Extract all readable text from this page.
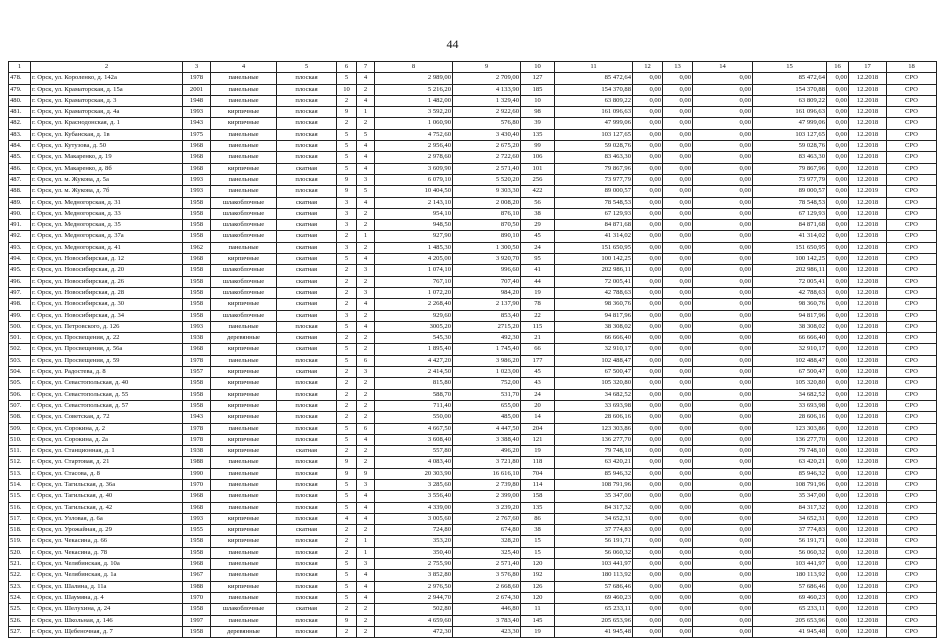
44
1	2	3	4	5	6	7	8	9	10	11	12	13	14	15	16	17	18
478.	г. Орск, ул. Короленко, д. 142а	1978	панельные	плоская	5	4	2 989,00	2 709,00	127	85 472,64	0,00	0,00	0,00	85 472,64	0,00	12.2018	СРО
479.	г. Орск, ул. Краматорская, д. 15а	2001	панельные	плоская	10	2	5 216,20	4 133,90	185	154 370,88	0,00	0,00	0,00	154 370,88	0,00	12.2018	СРО
480.	г. Орск, ул. Краматорская, д. 3	1948	панельные	плоская	2	4	1 482,00	1 329,40	10	63 809,22	0,00	0,00	0,00	63 809,22	0,00	12.2018	СРО
481.	г. Орск, ул. Краматорская, д. 4а	1993	кирпичные	плоская	9	1	3 592,20	2 922,60	98	161 096,63	0,00	0,00	0,00	161 096,63	0,00	12.2018	СРО
482.	г. Орск, ул. Краснодонская, д. 1	1943	кирпичные	плоская	2	2	1 060,90	576,80	39	47 999,06	0,00	0,00	0,00	47 999,06	0,00	12.2018	СРО
483.	г. Орск, ул. Кубанская, д. 1в	1975	панельные	плоская	5	5	4 752,60	3 430,40	135	103 127,65	0,00	0,00	0,00	103 127,65	0,00	12.2018	СРО
484.	г. Орск, ул. Кутузова, д. 50	1968	панельные	плоская	5	4	2 956,40	2 675,20	99	59 028,76	0,00	0,00	0,00	59 028,76	0,00	12.2018	СРО
485.	г. Орск, ул. Макаренко, д. 19	1968	панельные	плоская	5	4	2 978,60	2 722,60	106	83 463,30	0,00	0,00	0,00	83 463,30	0,00	12.2018	СРО
486.	г. Орск, ул. Макаренко, д. 8б	1968	кирпичные	скатная	5	4	3 609,90	2 571,40	101	79 867,96	0,00	0,00	0,00	79 867,96	0,00	12.2018	СРО
487.	г. Орск, ул. м. Жукова, д. 5а	1993	панельные	плоская	9	3	6 079,10	5 520,20	256	73 977,79	0,00	0,00	0,00	73 977,79	0,00	12.2018	СРО
488.	г. Орск, ул. м. Жукова, д. 7б	1993	панельные	плоская	9	5	10 404,50	9 303,30	422	89 000,57	0,00	0,00	0,00	89 000,57	0,00	12.2019	СРО
489.	г. Орск, ул. Медногорская, д. 31	1958	шлакоблочные	скатная	3	4	2 143,10	2 008,20	56	78 548,53	0,00	0,00	0,00	78 548,53	0,00	12.2018	СРО
490.	г. Орск, ул. Медногорская, д. 33	1958	шлакоблочные	скатная	3	2	954,10	876,10	38	67 129,93	0,00	0,00	0,00	67 129,93	0,00	12.2018	СРО
491.	г. Орск, ул. Медногорская, д. 35	1958	шлакоблочные	скатная	3	2	948,50	870,50	29	84 871,68	0,00	0,00	0,00	84 871,68	0,00	12.2018	СРО
492.	г. Орск, ул. Медногорская, д. 37а	1958	шлакоблочные	скатная	2	1	927,90	890,10	45	41 314,02	0,00	0,00	0,00	41 314,02	0,00	12.2018	СРО
493.	г. Орск, ул. Медногорская, д. 41	1962	панельные	скатная	3	2	1 485,30	1 300,50	24	151 650,95	0,00	0,00	0,00	151 650,95	0,00	12.2018	СРО
494.	г. Орск, ул. Новосибирская, д. 12	1968	кирпичные	скатная	5	4	4 205,00	3 920,70	95	100 142,25	0,00	0,00	0,00	100 142,25	0,00	12.2018	СРО
495.	г. Орск, ул. Новосибирская, д. 20	1958	шлакоблочные	скатная	2	3	1 074,10	996,60	41	202 986,11	0,00	0,00	0,00	202 986,11	0,00	12.2018	СРО
496.	г. Орск, ул. Новосибирская, д. 26	1958	шлакоблочные	скатная	2	2	767,10	707,40	44	72 005,41	0,00	0,00	0,00	72 005,41	0,00	12.2018	СРО
497.	г. Орск, ул. Новосибирская, д. 28	1958	шлакоблочные	скатная	2	3	1 072,20	984,20	19	42 788,63	0,00	0,00	0,00	42 788,63	0,00	12.2018	СРО
498.	г. Орск, ул. Новосибирская, д. 30	1958	кирпичные	скатная	2	4	2 268,40	2 137,90	78	98 360,76	0,00	0,00	0,00	98 360,76	0,00	12.2018	СРО
499.	г. Орск, ул. Новосибирская, д. 34	1958	шлакоблочные	скатная	3	2	929,60	853,40	22	94 817,96	0,00	0,00	0,00	94 817,96	0,00	12.2018	СРО
500.	г. Орск, ул. Петровского, д. 126	1993	панельные	плоская	5	4	3005,20	2715,20	115	38 308,02	0,00	0,00	0,00	38 308,02	0,00	12.2018	СРО
501.	г. Орск, ул. Просвещения, д. 22	1938	деревянные	скатная	2	2	545,30	492,30	21	66 666,40	0,00	0,00	0,00	66 666,40	0,00	12.2018	СРО
502.	г. Орск, ул. Просвещения, д. 56а	1968	кирпичные	скатная	5	2	1 895,40	1 745,40	66	32 910,17	0,00	0,00	0,00	32 910,17	0,00	12.2018	СРО
503.	г. Орск, ул. Просвещения, д. 59	1978	панельные	плоская	5	6	4 427,20	3 986,20	177	102 488,47	0,00	0,00	0,00	102 488,47	0,00	12.2018	СРО
504.	г. Орск, ул. Радостева, д. 8	1957	кирпичные	скатная	2	3	2 414,50	1 023,00	45	67 500,47	0,00	0,00	0,00	67 500,47	0,00	12.2018	СРО
505.	г. Орск, ул. Севастопольская, д. 40	1958	кирпичные	плоская	2	2	815,80	752,00	43	105 320,80	0,00	0,00	0,00	105 320,80	0,00	12.2018	СРО
506.	г. Орск, ул. Севастопольская, д. 55	1958	кирпичные	плоская	2	2	588,70	531,70	24	34 682,52	0,00	0,00	0,00	34 682,52	0,00	12.2018	СРО
507.	г. Орск, ул. Севастопольская, д. 57	1958	кирпичные	плоская	2	2	711,40	655,00	20	33 693,98	0,00	0,00	0,00	33 693,98	0,00	12.2018	СРО
508.	г. Орск, ул. Советская, д. 72	1943	кирпичные	плоская	2	2	550,00	485,00	14	28 606,16	0,00	0,00	0,00	28 606,16	0,00	12.2018	СРО
509.	г. Орск, ул. Сорокина, д. 2	1978	панельные	плоская	5	6	4 667,50	4 447,50	204	123 303,86	0,00	0,00	0,00	123 303,86	0,00	12.2018	СРО
510.	г. Орск, ул. Сорокина, д. 2а	1978	кирпичные	плоская	5	4	3 608,40	3 388,40	121	136 277,70	0,00	0,00	0,00	136 277,70	0,00	12.2018	СРО
511.	г. Орск, ул. Станционная, д. 1	1938	кирпичные	скатная	2	2	557,80	496,20	19	79 748,10	0,00	0,00	0,00	79 748,10	0,00	12.2018	СРО
512.	г. Орск, ул. Стартовая, д. 21	1988	панельные	плоская	9	2	4 083,40	3 721,80	118	63 420,21	0,00	0,00	0,00	63 420,21	0,00	12.2018	СРО
513.	г. Орск, ул. Стасова, д. 8	1990	панельные	плоская	9	9	20 303,90	16 616,10	704	85 946,32	0,00	0,00	0,00	85 946,32	0,00	12.2018	СРО
514.	г. Орск, ул. Тагильская, д. 36а	1970	панельные	плоская	5	3	3 285,60	2 739,80	114	108 791,96	0,00	0,00	0,00	108 791,96	0,00	12.2018	СРО
515.	г. Орск, ул. Тагильская, д. 40	1968	панельные	плоская	5	4	3 556,40	2 399,00	158	35 347,00	0,00	0,00	0,00	35 347,00	0,00	12.2018	СРО
516.	г. Орск, ул. Тагильская, д. 42	1968	панельные	плоская	5	4	4 339,00	3 239,20	135	84 317,32	0,00	0,00	0,00	84 317,32	0,00	12.2018	СРО
517.	г. Орск, ул. Узловая, д. 6а	1993	кирпичные	плоская	4	4	3 005,60	2 767,60	86	34 652,31	0,00	0,00	0,00	34 652,31	0,00	12.2018	СРО
518.	г. Орск, ул. Урожайная, д. 29	1955	кирпичные	скатная	2	2	724,80	674,80	38	37 774,83	0,00	0,00	0,00	37 774,83	0,00	12.2018	СРО
519.	г. Орск, ул. Чекасина, д. 66	1958	кирпичные	плоская	2	1	353,20	328,20	15	56 191,71	0,00	0,00	0,00	56 191,71	0,00	12.2018	СРО
520.	г. Орск, ул. Чекасина, д. 78	1958	панельные	плоская	2	1	350,40	325,40	15	56 060,32	0,00	0,00	0,00	56 060,32	0,00	12.2018	СРО
521.	г. Орск, ул. Челябинская, д. 10а	1968	панельные	плоская	5	3	2 755,90	2 571,40	120	103 441,97	0,00	0,00	0,00	103 441,97	0,00	12.2018	СРО
522.	г. Орск, ул. Челябинская, д. 1а	1967	панельные	плоская	5	4	3 852,80	3 576,80	192	180 113,92	0,00	0,00	0,00	180 113,92	0,00	12.2018	СРО
523.	г. Орск, ул. Шалина, д. 11а	1988	кирпичные	плоская	5	4	2 976,50	2 668,60	126	57 686,46	0,00	0,00	0,00	57 686,46	0,00	12.2018	СРО
524.	г. Орск, ул. Шаумяна, д. 4	1970	панельные	плоская	5	4	2 944,70	2 674,30	120	69 460,23	0,00	0,00	0,00	69 460,23	0,00	12.2018	СРО
525.	г. Орск, ул. Шелухина, д. 24	1958	шлакоблочные	скатная	2	2	502,80	446,80	11	65 233,11	0,00	0,00	0,00	65 233,11	0,00	12.2018	СРО
526.	г. Орск, ул. Школьная, д. 146	1997	панельные	плоская	9	2	4 659,60	3 783,40	145	205 653,96	0,00	0,00	0,00	205 653,96	0,00	12.2018	СРО
527.	г. Орск, ул. Щебеночная, д. 7	1958	деревянные	плоская	2	2	472,30	423,30	19	41 945,48	0,00	0,00	0,00	41 945,48	0,00	12.2018	СРО
